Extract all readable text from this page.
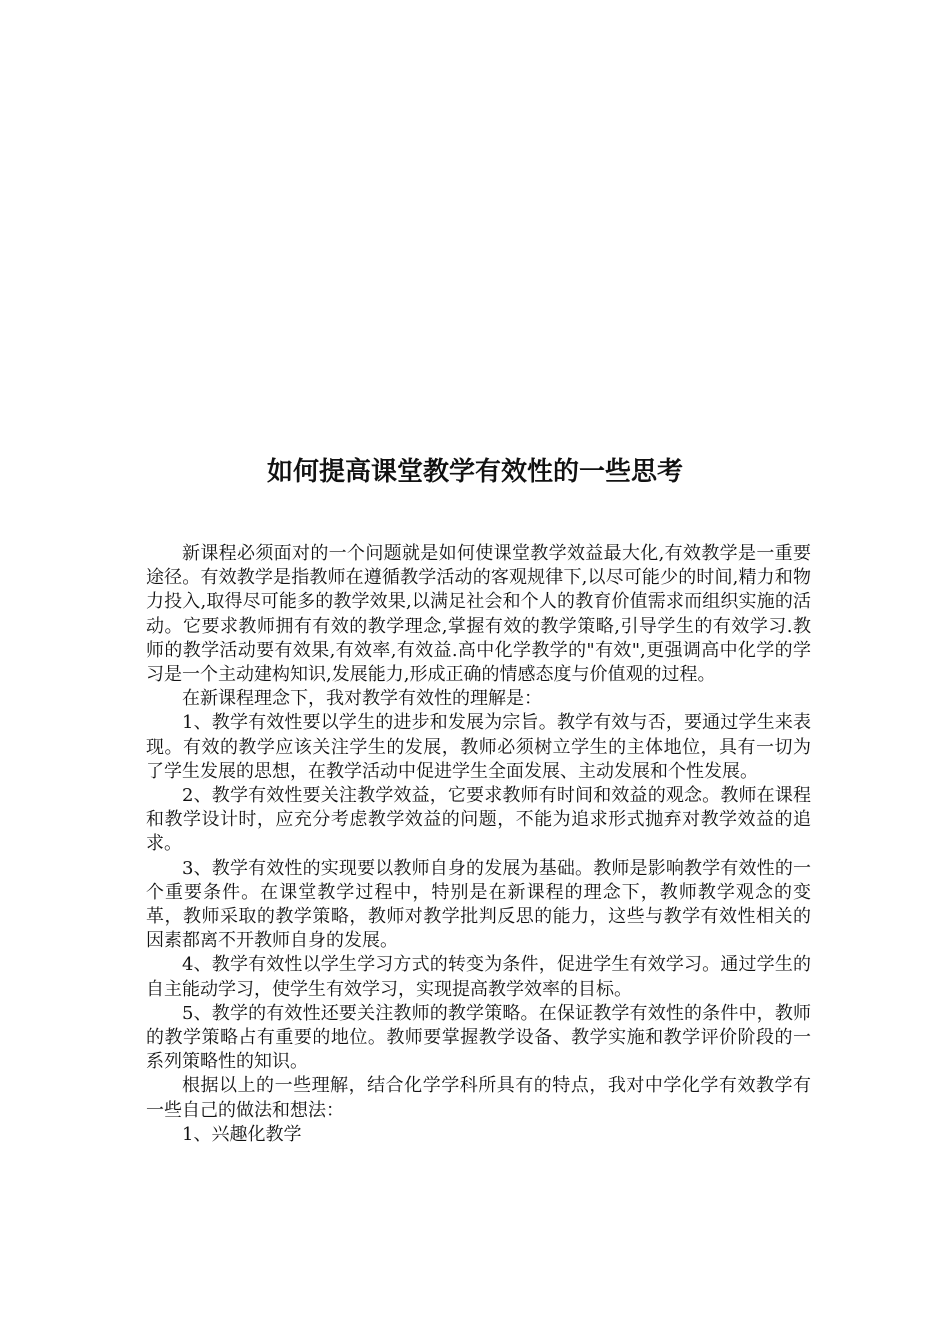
如何提高课堂教学有效性的一些思考

新课程必须面对的一个问题就是如何使课堂教学效益最大化,有效教学是一重要途径。有效教学是指教师在遵循教学活动的客观规律下,以尽可能少的时间,精力和物力投入,取得尽可能多的教学效果,以满足社会和个人的教育价值需求而组织实施的活动。它要求教师拥有有效的教学理念,掌握有效的教学策略,引导学生的有效学习.教师的教学活动要有效果,有效率,有效益.高中化学教学的"有效",更强调高中化学的学习是一个主动建构知识,发展能力,形成正确的情感态度与价值观的过程。

在新课程理念下，我对教学有效性的理解是：

1、教学有效性要以学生的进步和发展为宗旨。教学有效与否，要通过学生来表现。有效的教学应该关注学生的发展，教师必须树立学生的主体地位，具有一切为了学生发展的思想，在教学活动中促进学生全面发展、主动发展和个性发展。

2、教学有效性要关注教学效益，它要求教师有时间和效益的观念。教师在课程和教学设计时，应充分考虑教学效益的问题，不能为追求形式抛弃对教学效益的追求。

3、教学有效性的实现要以教师自身的发展为基础。教师是影响教学有效性的一个重要条件。在课堂教学过程中，特别是在新课程的理念下，教师教学观念的变革，教师采取的教学策略，教师对教学批判反思的能力，这些与教学有效性相关的因素都离不开教师自身的发展。

4、教学有效性以学生学习方式的转变为条件，促进学生有效学习。通过学生的自主能动学习，使学生有效学习，实现提高教学效率的目标。

5、教学的有效性还要关注教师的教学策略。在保证教学有效性的条件中，教师的教学策略占有重要的地位。教师要掌握教学设备、教学实施和教学评价阶段的一系列策略性的知识。

根据以上的一些理解，结合化学学科所具有的特点，我对中学化学有效教学有一些自己的做法和想法：

1、兴趣化教学
